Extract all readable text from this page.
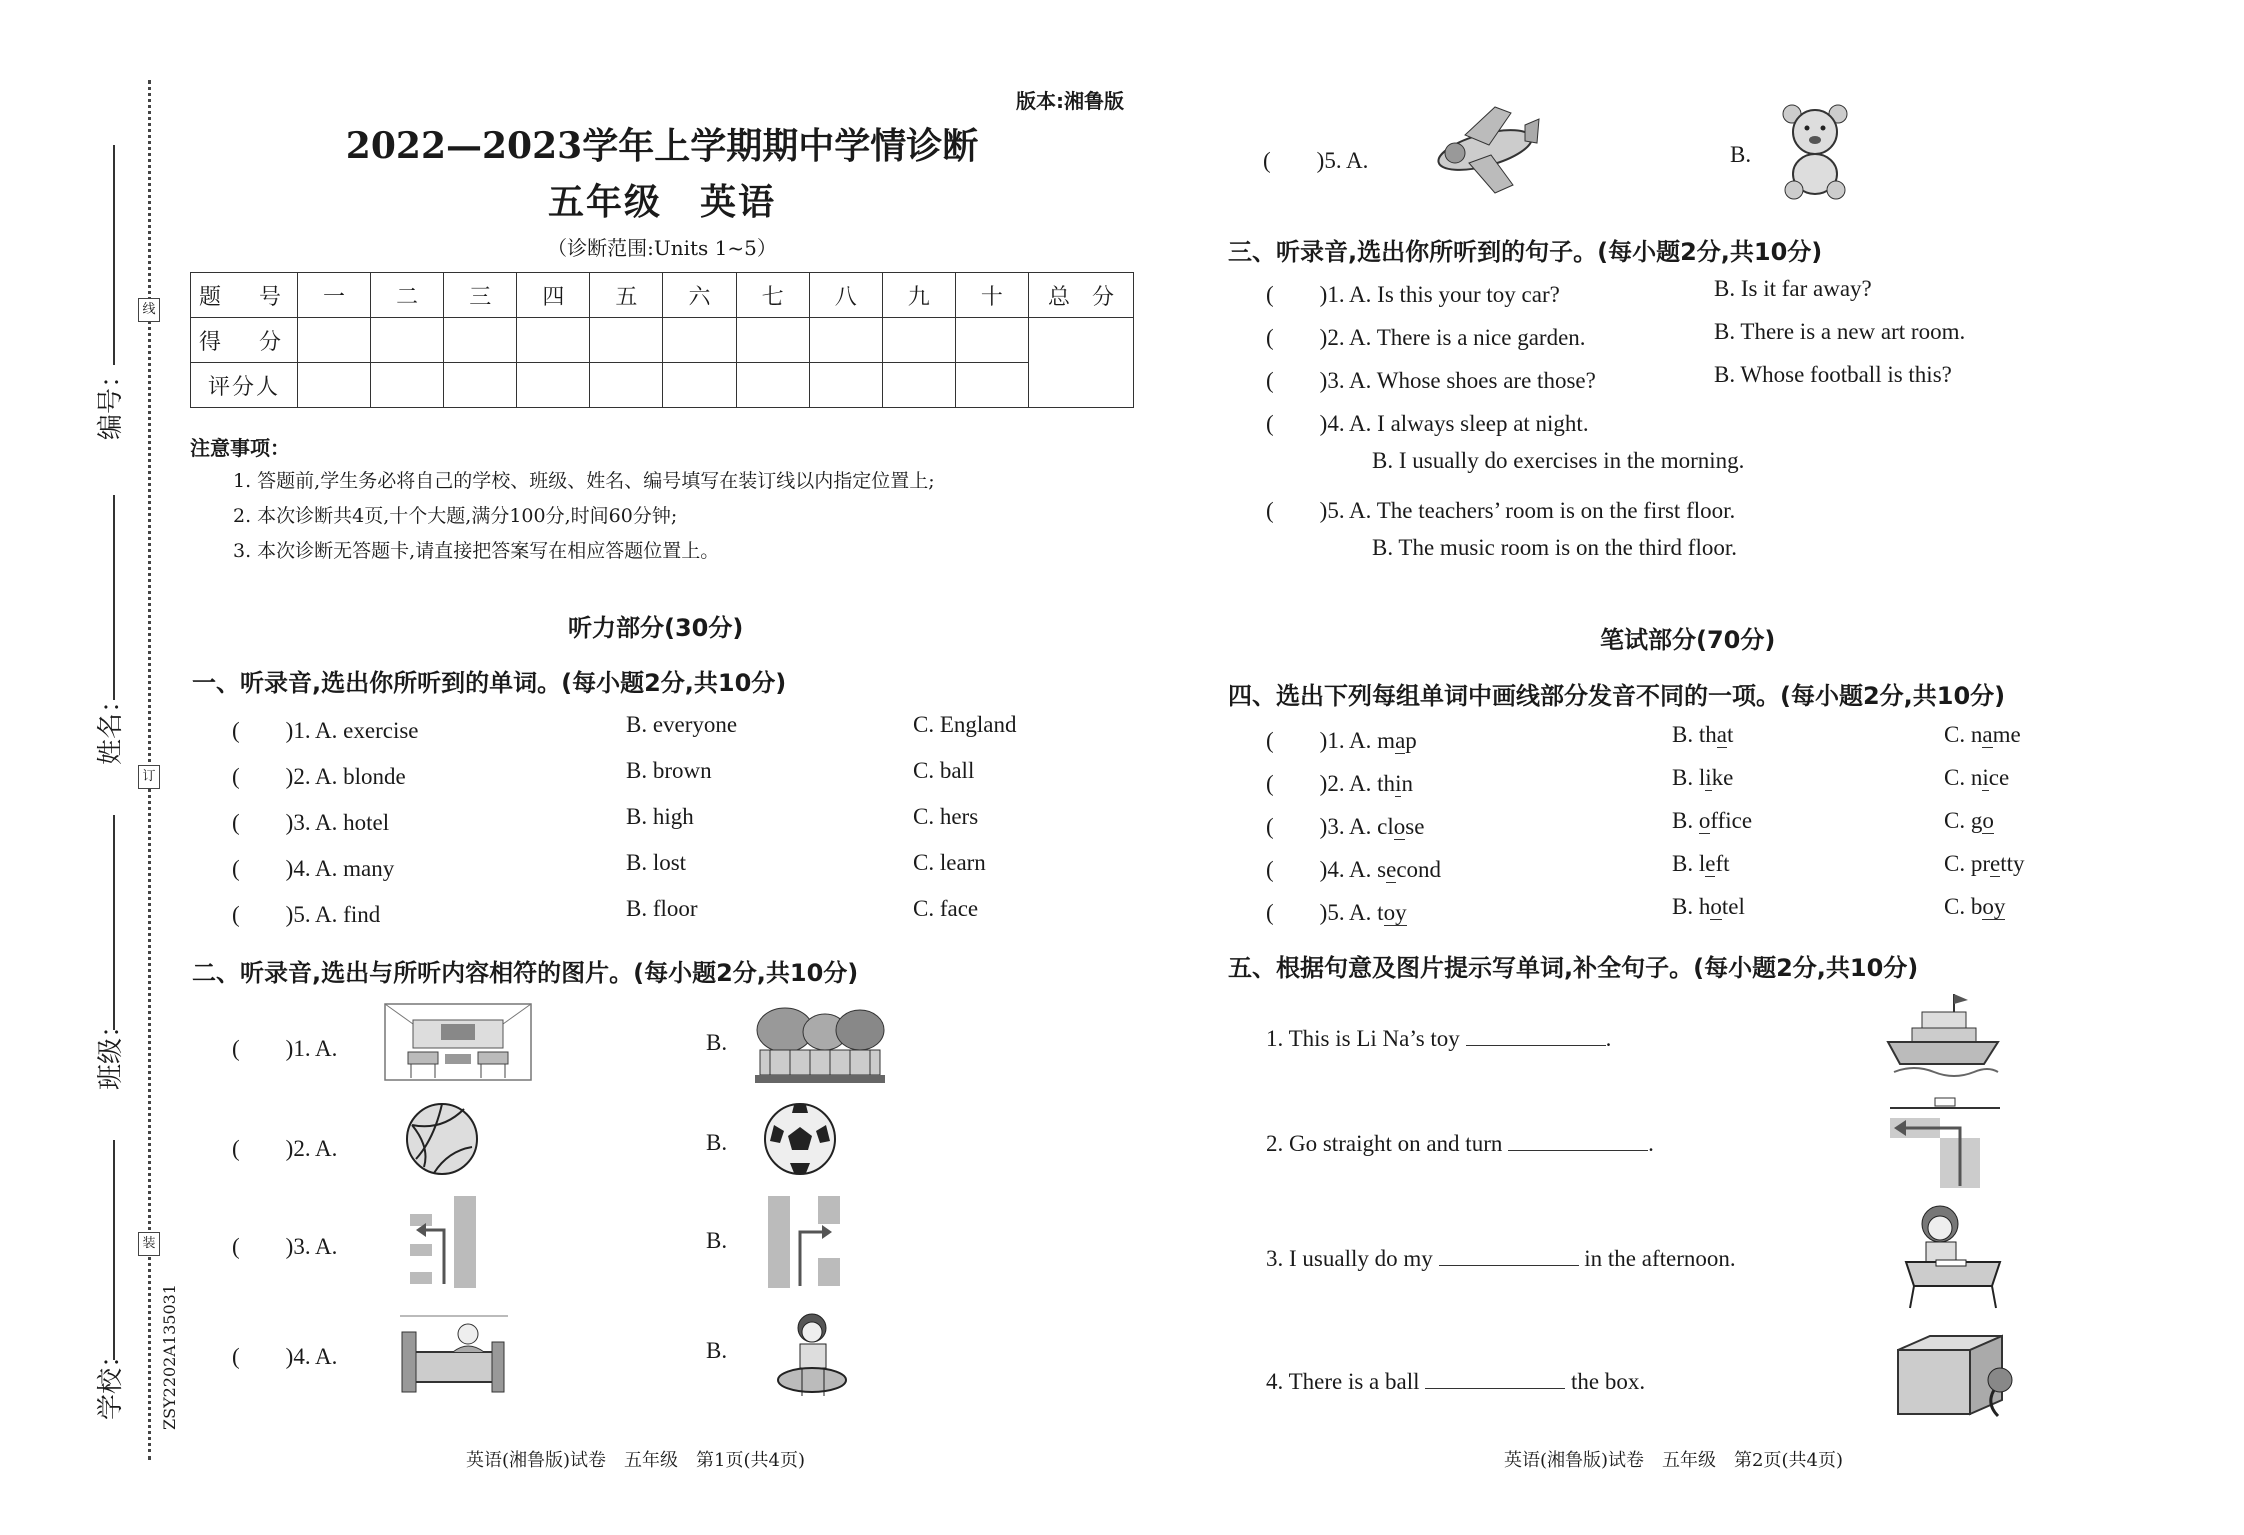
线
订
装
学校：
班级：
姓名：
编号：
ZSY2202A135031
版本:湘鲁版
2022—2023学年上学期期中学情诊断
五年级　英语
（诊断范围:Units 1~5）
题　号	一	二	三	四	五	六	七	八	九	十	总　分
得　分											
评分人											
注意事项：
1. 答题前,学生务必将自己的学校、班级、姓名、编号填写在装订线以内指定位置上;
2. 本次诊断共4页,十个大题,满分100分,时间60分钟;
3. 本次诊断无答题卡,请直接把答案写在相应答题位置上。
听力部分(30分)
一、听录音,选出你所听到的单词。(每小题2分,共10分)
(　　)1. A. exercise	B. everyone	C. England
(　　)2. A. blonde	B. brown	C. ball
(　　)3. A. hotel	B. high	C. hers
(　　)4. A. many	B. lost	C. learn
(　　)5. A. find	B. floor	C. face
二、听录音,选出与所听内容相符的图片。(每小题2分,共10分)
(　　)1. A.	B.
(　　)2. A.	B.
(　　)3. A.	B.
(　　)4. A.	B.
英语(湘鲁版)试卷　五年级　第1页(共4页)
(　　)5. A.	B.
三、听录音,选出你所听到的句子。(每小题2分,共10分)
(　　)1. A. Is this your toy car?	B. Is it far away?
(　　)2. A. There is a nice garden.	B. There is a new art room.
(　　)3. A. Whose shoes are those?	B. Whose football is this?
(　　)4. A. I always sleep at night.
B. I usually do exercises in the morning.
(　　)5. A. The teachers’ room is on the first floor.
B. The music room is on the third floor.
笔试部分(70分)
四、选出下列每组单词中画线部分发音不同的一项。(每小题2分,共10分)
(　　)1. A. map	B. that	C. name
(　　)2. A. thin	B. like	C. nice
(　　)3. A. close	B. office	C. go
(　　)4. A. second	B. left	C. pretty
(　　)5. A. toy	B. hotel	C. boy
五、根据句意及图片提示写单词,补全句子。(每小题2分,共10分)
1. This is Li Na’s toy	.
2. Go straight on and turn	.
3. I usually do my	in the afternoon.
4. There is a ball	the box.
英语(湘鲁版)试卷　五年级　第2页(共4页)
